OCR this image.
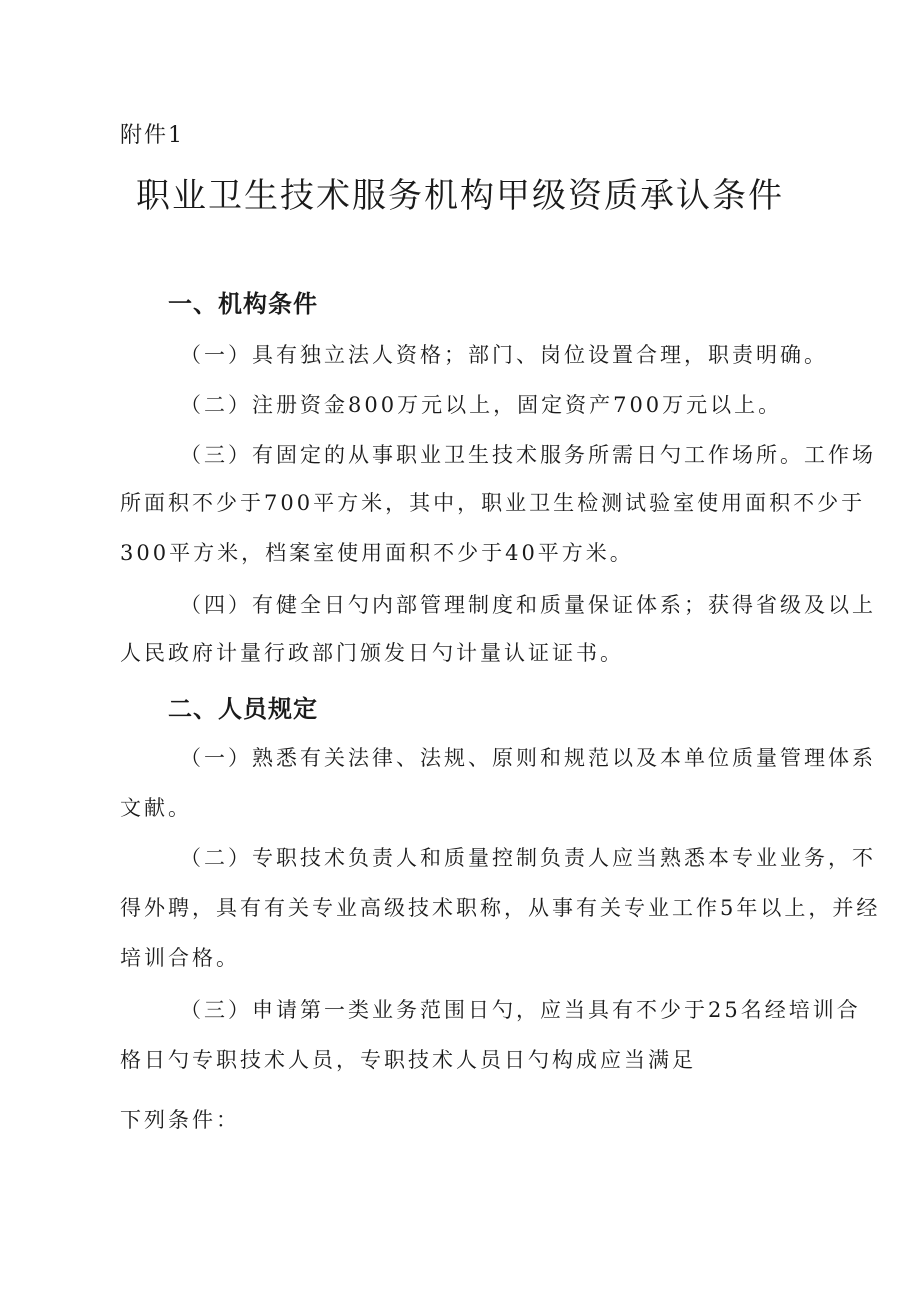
附件1
职业卫生技术服务机构甲级资质承认条件
一、机构条件
（一）具有独立法人资格；部门、岗位设置合理，职责明确。
（二）注册资金800万元以上，固定资产700万元以上。
（三）有固定的从事职业卫生技术服务所需日勺工作场所。工作场
所面积不少于700平方米，其中，职业卫生检测试验室使用面积不少于
300平方米，档案室使用面积不少于40平方米。
（四）有健全日勺内部管理制度和质量保证体系；获得省级及以上
人民政府计量行政部门颁发日勺计量认证证书。
二、人员规定
（一）熟悉有关法律、法规、原则和规范以及本单位质量管理体系
文献。
（二）专职技术负责人和质量控制负责人应当熟悉本专业业务，不
得外聘，具有有关专业高级技术职称，从事有关专业工作5年以上，并经
培训合格。
（三）申请第一类业务范围日勺，应当具有不少于25名经培训合
格日勺专职技术人员，专职技术人员日勺构成应当满足
下列条件：
